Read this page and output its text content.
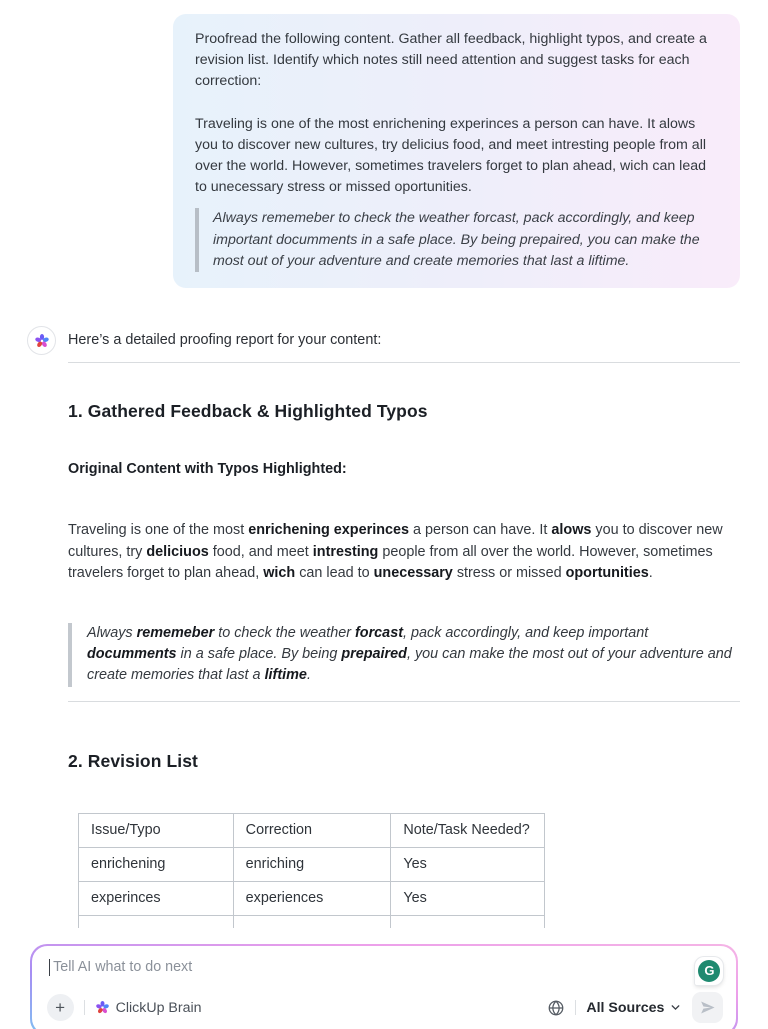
Proofread the following content. Gather all feedback, highlight typos, and create a revision list. Identify which notes still need attention and suggest tasks for each correction:

Traveling is one of the most enrichening experinces a person can have. It alows you to discover new cultures, try delicius food, and meet intresting people from all over the world. However, sometimes travelers forget to plan ahead, wich can lead to unecessary stress or missed oportunities.

Always rememeber to check the weather forcast, pack accordingly, and keep important documments in a safe place. By being prepaired, you can make the most out of your adventure and create memories that last a liftime.
Here’s a detailed proofing report for your content:
1. Gathered Feedback & Highlighted Typos
Original Content with Typos Highlighted:

Traveling is one of the most enrichening experinces a person can have. It alows you to discover new cultures, try deliciuos food, and meet intresting people from all over the world. However, sometimes travelers forget to plan ahead, wich can lead to unecessary stress or missed oportunities.

Always rememeber to check the weather forcast, pack accordingly, and keep important documments in a safe place. By being prepaired, you can make the most out of your adventure and create memories that last a liftime.
2. Revision List
Issue/Typo	Correction	Note/Task Needed?
enrichening	enriching	Yes
experinces	experiences	Yes

Tell AI what to do next	G
+	ClickUp Brain	All Sources
